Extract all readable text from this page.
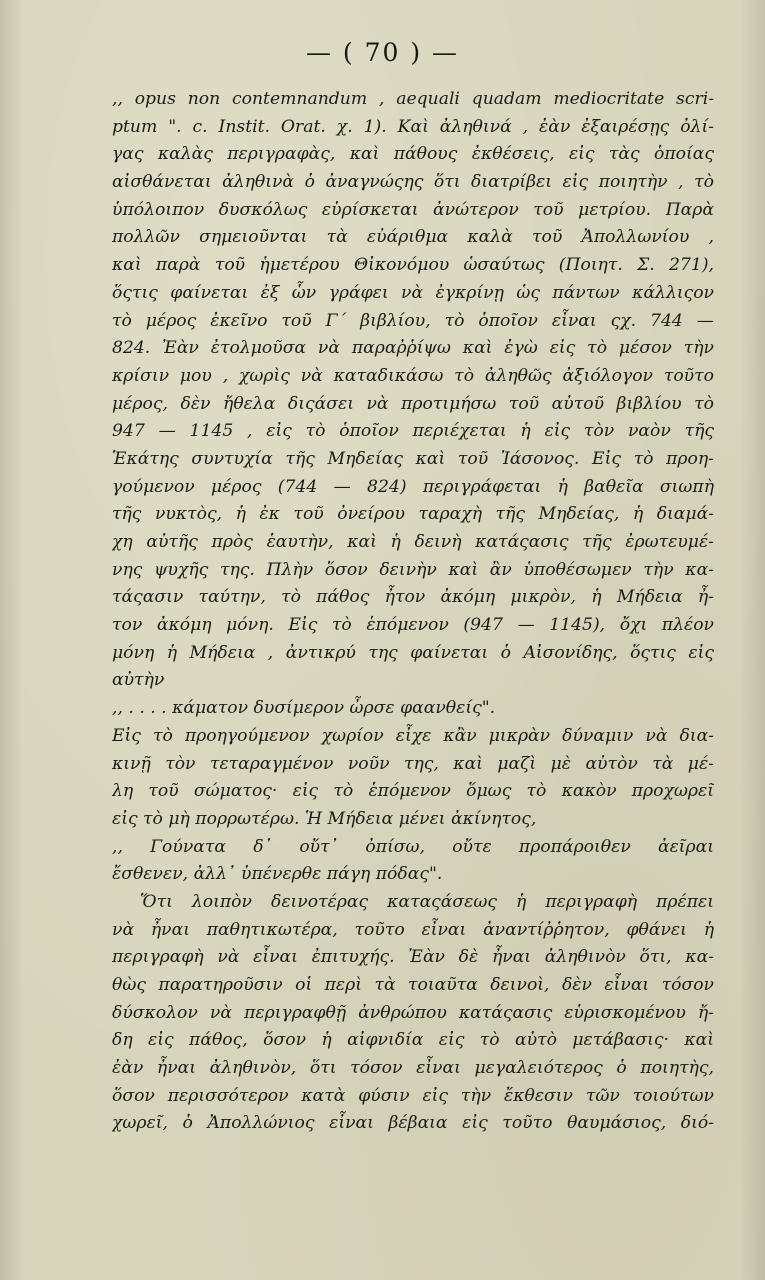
— ( 70 ) —
,, opus non contemnandum , aequali quadam mediocritate scri-
ptum ". c. Instit. Orat. χ. 1). Καὶ ἀληθινά , ἐὰν ἐξαιρέσῃς ὀλί-
γας καλὰς περιγραφὰς, καὶ πάθους ἐκθέσεις, εἰς τὰς ὁποίας
αἰσθάνεται ἀληθινὰ ὁ ἀναγνώςης ὅτι διατρίβει εἰς ποιητὴν , τὸ
ὑπόλοιπον δυσκόλως εὑρίσκεται ἀνώτερον τοῦ μετρίου. Παρὰ
πολλῶν σημειοῦνται τὰ εὐάριθμα καλὰ τοῦ Ἀπολλωνίου ,
καὶ παρὰ τοῦ ἡμετέρου Θἰκονόμου ὡσαύτως (Ποιητ. Σ. 271),
ὅςτις φαίνεται ἐξ ὧν γράφει νὰ ἐγκρίνῃ ὡς πάντων κάλλιςον
τὸ μέρος ἐκεῖνο τοῦ Γ΄ βιβλίου, τὸ ὁποῖον εἶναι ςχ. 744 —
824. Ἐὰν ἐτολμοῦσα νὰ παραῤῥίψω καὶ ἐγὼ εἰς τὸ μέσον τὴν
κρίσιν μου , χωρὶς νὰ καταδικάσω τὸ ἀληθῶς ἀξιόλογον τοῦτο
μέρος, δὲν ἤθελα διςάσει νὰ προτιμήσω τοῦ αὐτοῦ βιβλίου τὸ
947 — 1145 , εἰς τὸ ὁποῖον περιέχεται ἡ εἰς τὸν ναὸν τῆς
Ἑκάτης συντυχία τῆς Μηδείας καὶ τοῦ Ἰάσονος. Εἰς τὸ προη-
γούμενον μέρος (744 — 824) περιγράφεται ἡ βαθεῖα σιωπὴ
τῆς νυκτὸς, ἡ ἐκ τοῦ ὀνείρου ταραχὴ τῆς Μηδείας, ἡ διαμά-
χη αὐτῆς πρὸς ἑαυτὴν, καὶ ἡ δεινὴ κατάςασις τῆς ἐρωτευμέ-
νης ψυχῆς της. Πλὴν ὅσον δεινὴν καὶ ἂν ὑποθέσωμεν τὴν κα-
τάςασιν ταύτην, τὸ πάθος ἦτον ἀκόμη μικρὸν, ἡ Μήδεια ἦ-
τον ἀκόμη μόνη. Εἰς τὸ ἑπόμενον (947 — 1145), ὄχι πλέον
μόνη ἡ Μήδεια , ἀντικρύ της φαίνεται ὁ Αἰσονίδης, ὅςτις εἰς
αὐτὴν
,, . . . . κάματον δυσίμερον ὦρσε φαανθείς".
Εἰς τὸ προηγούμενον χωρίον εἶχε κἂν μικρὰν δύναμιν νὰ δια-
κινῇ τὸν τεταραγμένον νοῦν της, καὶ μαζὶ μὲ αὐτὸν τὰ μέ-
λη τοῦ σώματος· εἰς τὸ ἑπόμενον ὅμως τὸ κακὸν προχωρεῖ
εἰς τὸ μὴ πορρωτέρω. Ἡ Μήδεια μένει ἀκίνητος,
,, Γούνατα δ᾽ οὔτ᾽ ὀπίσω, οὔτε προπάροιθεν ἀεῖραι
ἔσθενεν, ἀλλ᾽ ὑπένερθε πάγη πόδας".
Ὅτι λοιπὸν δεινοτέρας καταςάσεως ἡ περιγραφὴ πρέπει
νὰ ἦναι παθητικωτέρα, τοῦτο εἶναι ἀναντίῤῥητον, φθάνει ἡ
περιγραφὴ νὰ εἶναι ἐπιτυχής. Ἐὰν δὲ ἦναι ἀληθινὸν ὅτι, κα-
θὼς παρατηροῦσιν οἱ περὶ τὰ τοιαῦτα δεινοὶ, δὲν εἶναι τόσον
δύσκολον νὰ περιγραφθῇ ἀνθρώπου κατάςασις εὑρισκομένου ἤ-
δη εἰς πάθος, ὅσον ἡ αἰφνιδία εἰς τὸ αὐτὸ μετάβασις· καὶ
ἐὰν ἦναι ἀληθινὸν, ὅτι τόσον εἶναι μεγαλειότερος ὁ ποιητὴς,
ὅσον περισσότερον κατὰ φύσιν εἰς τὴν ἔκθεσιν τῶν τοιούτων
χωρεῖ, ὁ Ἀπολλώνιος εἶναι βέβαια εἰς τοῦτο θαυμάσιος, διό-
